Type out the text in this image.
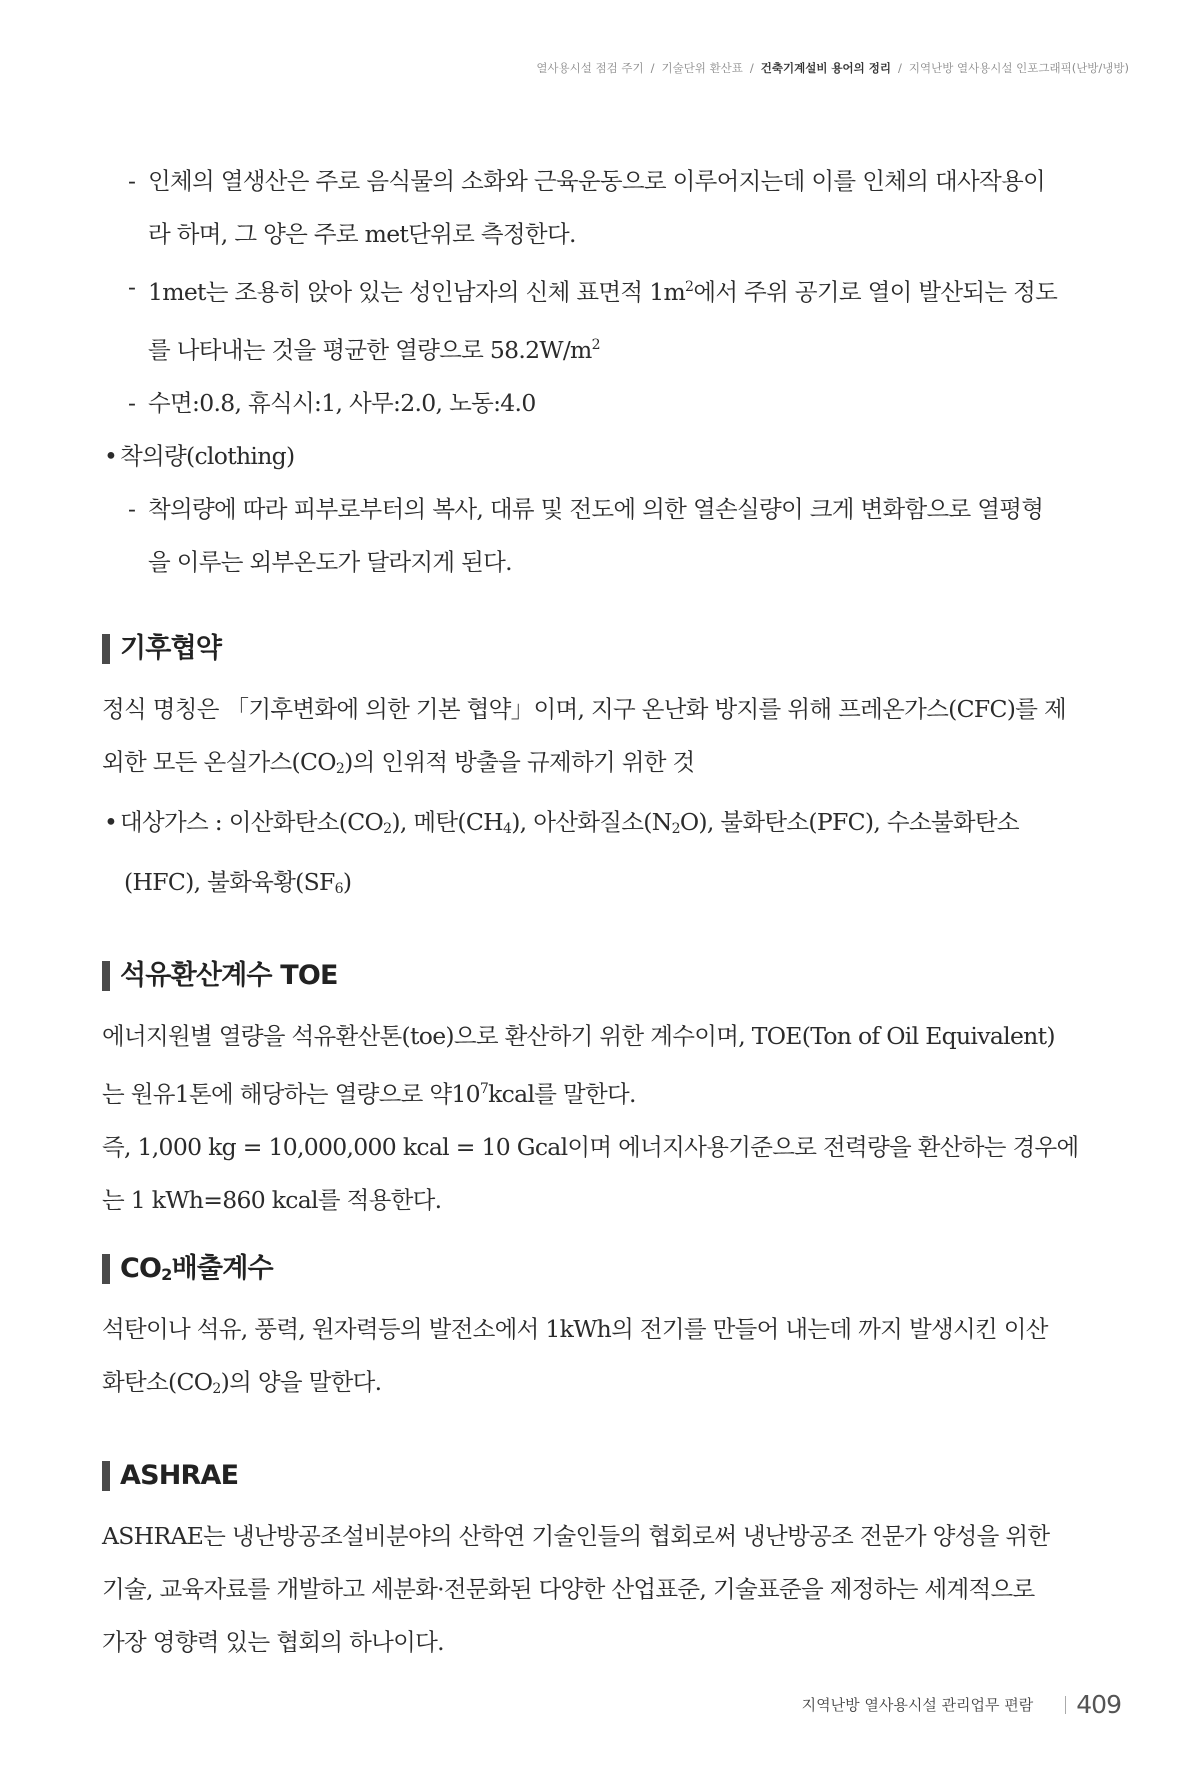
열사용시설 점검 주기 / 기술단위 환산표 / 건축기계설비 용어의 정리 / 지역난방 열사용시설 인포그래픽(난방/냉방)
- 인체의 열생산은 주로 음식물의 소화와 근육운동으로 이루어지는데 이를 인체의 대사작용이
라 하며, 그 양은 주로 met단위로 측정한다.
- 1met는 조용히 앉아 있는 성인남자의 신체 표면적 $1m^2$에서 주위 공기로 열이 발산되는 정도
를 나타내는 것을 평균한 열량으로 $58.2W/m^2$
- 수면:0.8, 휴식시:1, 사무:2.0, 노동:4.0
• 착의량(clothing)
- 착의량에 따라 피부로부터의 복사, 대류 및 전도에 의한 열손실량이 크게 변화함으로 열평형
을 이루는 외부온도가 달라지게 된다.
기후협약
정식 명칭은 「기후변화에 의한 기본 협약」이며, 지구 온난화 방지를 위해 프레온가스(CFC)를 제
외한 모든 온실가스$(CO_2)$의 인위적 방출을 규제하기 위한 것
• 대상가스 : 이산화탄소$(CO_2)$, 메탄$(CH_4)$, 아산화질소$(N_2O)$, 불화탄소(PFC), 수소불화탄소
(HFC), 불화육황$(SF_6)$
석유환산계수 TOE
에너지원별 열량을 석유환산톤(toe)으로 환산하기 위한 계수이며, TOE(Ton of Oil Equivalent)
는 원유1톤에 해당하는 열량으로 약$10^7kcal$를 말한다.
즉, 1,000 kg = 10,000,000 kcal = 10 Gcal이며 에너지사용기준으로 전력량을 환산하는 경우에
는 1 kWh=860 kcal를 적용한다.
$CO_2$배출계수
석탄이나 석유, 풍력, 원자력등의 발전소에서 1kWh의 전기를 만들어 내는데 까지 발생시킨 이산
화탄소$(CO_2)$의 양을 말한다.
ASHRAE
ASHRAE는 냉난방공조설비분야의 산학연 기술인들의 협회로써 냉난방공조 전문가 양성을 위한
기술, 교육자료를 개발하고 세분화·전문화된 다양한 산업표준, 기술표준을 제정하는 세계적으로
가장 영향력 있는 협회의 하나이다.
지역난방 열사용시설 관리업무 편람 409
